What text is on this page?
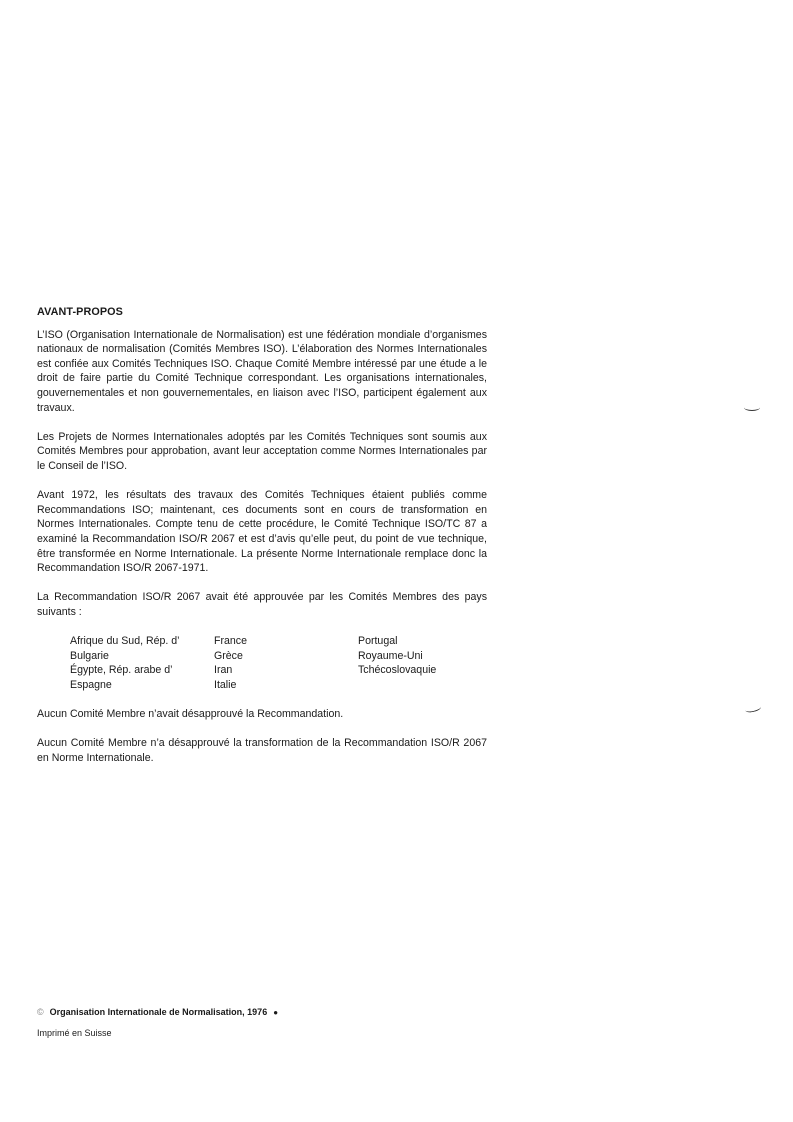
AVANT-PROPOS

L’ISO (Organisation Internationale de Normalisation) est une fédération mondiale d’organismes nationaux de normalisation (Comités Membres ISO). L’élaboration des Normes Internationales est confiée aux Comités Techniques ISO. Chaque Comité Membre intéressé par une étude a le droit de faire partie du Comité Technique correspondant. Les organisations internationales, gouvernementales et non gouvernementales, en liaison avec l’ISO, participent également aux travaux.

Les Projets de Normes Internationales adoptés par les Comités Techniques sont soumis aux Comités Membres pour approbation, avant leur acceptation comme Normes Internationales par le Conseil de l’ISO.

Avant 1972, les résultats des travaux des Comités Techniques étaient publiés comme Recommandations ISO; maintenant, ces documents sont en cours de transformation en Normes Internationales. Compte tenu de cette procédure, le Comité Technique ISO/TC 87 a examiné la Recommandation ISO/R 2067 et est d’avis qu’elle peut, du point de vue technique, être transformée en Norme Internationale. La présente Norme Internationale remplace donc la Recommandation ISO/R 2067-1971.

La Recommandation ISO/R 2067 avait été approuvée par les Comités Membres des pays suivants :

Afrique du Sud, Rép. d’	France	Portugal
Bulgarie	Grèce	Royaume-Uni
Égypte, Rép. arabe d’	Iran	Tchécoslovaquie
Espagne	Italie

Aucun Comité Membre n’avait désapprouvé la Recommandation.

Aucun Comité Membre n’a désapprouvé la transformation de la Recommandation ISO/R 2067 en Norme Internationale.

© Organisation Internationale de Normalisation, 1976 ●
Imprimé en Suisse
